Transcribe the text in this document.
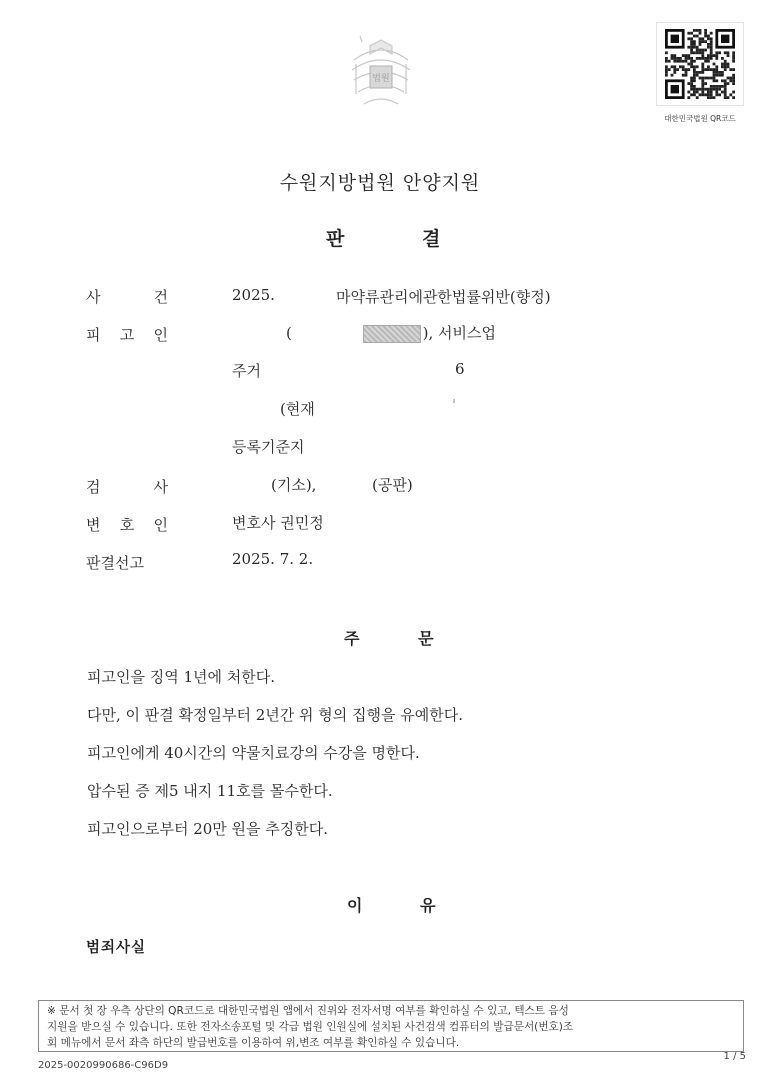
법원
대한민국법원 QR코드
수원지방법원 안양지원
판	결
사 건	2025.	마약류관리에관한법률위반(향정)
피 고 인	(	), 서비스업
주거	6
(현재	'
등록기준지
검 사	(기소),	(공판)
변 호 인	변호사 권민정
판결선고	2025. 7. 2.
주	문
피고인을 징역 1년에 처한다.
다만, 이 판결 확정일부터 2년간 위 형의 집행을 유예한다.
피고인에게 40시간의 약물치료강의 수강을 명한다.
압수된 증 제5 내지 11호를 몰수한다.
피고인으로부터 20만 원을 추징한다.
이	유
범죄사실
※ 문서 첫 장 우측 상단의 QR코드로 대한민국법원 앱에서 진위와 전자서명 여부를 확인하실 수 있고, 텍스트 음성
지원을 받으실 수 있습니다. 또한 전자소송포털 및 각급 법원 인원실에 설치된 사건검색 컴퓨터의 발급문서(번호)조
회 메뉴에서 문서 좌측 하단의 발급번호를 이용하여 위,변조 여부를 확인하실 수 있습니다.
2025-0020990686-C96D9
1 / 5
